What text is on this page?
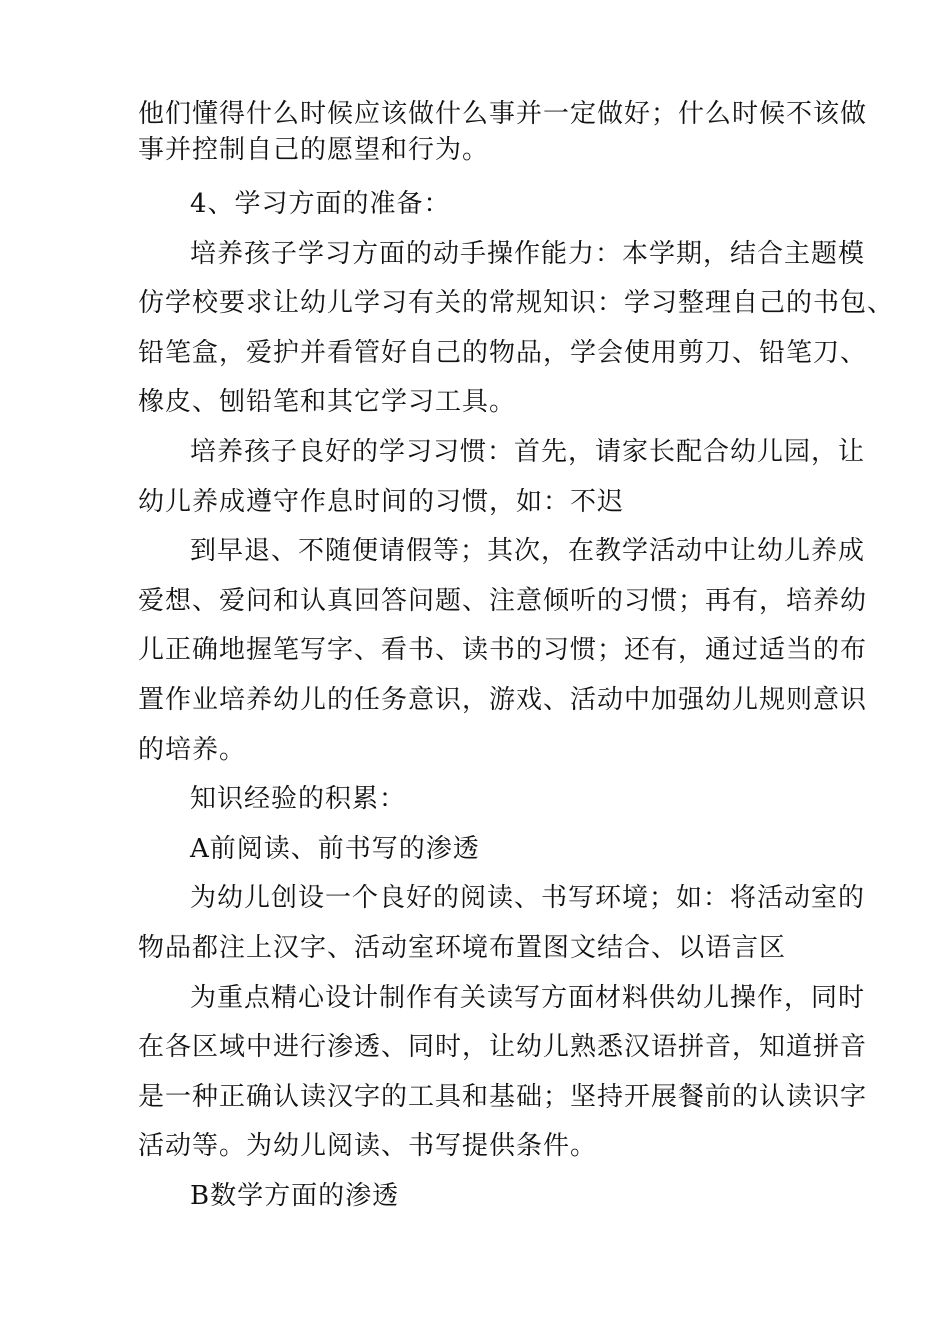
他们懂得什么时候应该做什么事并一定做好；什么时候不该做
事并控制自己的愿望和行为。
4、学习方面的准备：
培养孩子学习方面的动手操作能力：本学期，结合主题模
仿学校要求让幼儿学习有关的常规知识：学习整理自己的书包、
铅笔盒，爱护并看管好自己的物品，学会使用剪刀、铅笔刀、
橡皮、刨铅笔和其它学习工具。
培养孩子良好的学习习惯：首先，请家长配合幼儿园，让
幼儿养成遵守作息时间的习惯，如：不迟
到早退、不随便请假等；其次，在教学活动中让幼儿养成
爱想、爱问和认真回答问题、注意倾听的习惯；再有，培养幼
儿正确地握笔写字、看书、读书的习惯；还有，通过适当的布
置作业培养幼儿的任务意识，游戏、活动中加强幼儿规则意识
的培养。
知识经验的积累：
A前阅读、前书写的渗透
为幼儿创设一个良好的阅读、书写环境；如：将活动室的
物品都注上汉字、活动室环境布置图文结合、以语言区
为重点精心设计制作有关读写方面材料供幼儿操作，同时
在各区域中进行渗透、同时，让幼儿熟悉汉语拼音，知道拼音
是一种正确认读汉字的工具和基础；坚持开展餐前的认读识字
活动等。为幼儿阅读、书写提供条件。
B数学方面的渗透
